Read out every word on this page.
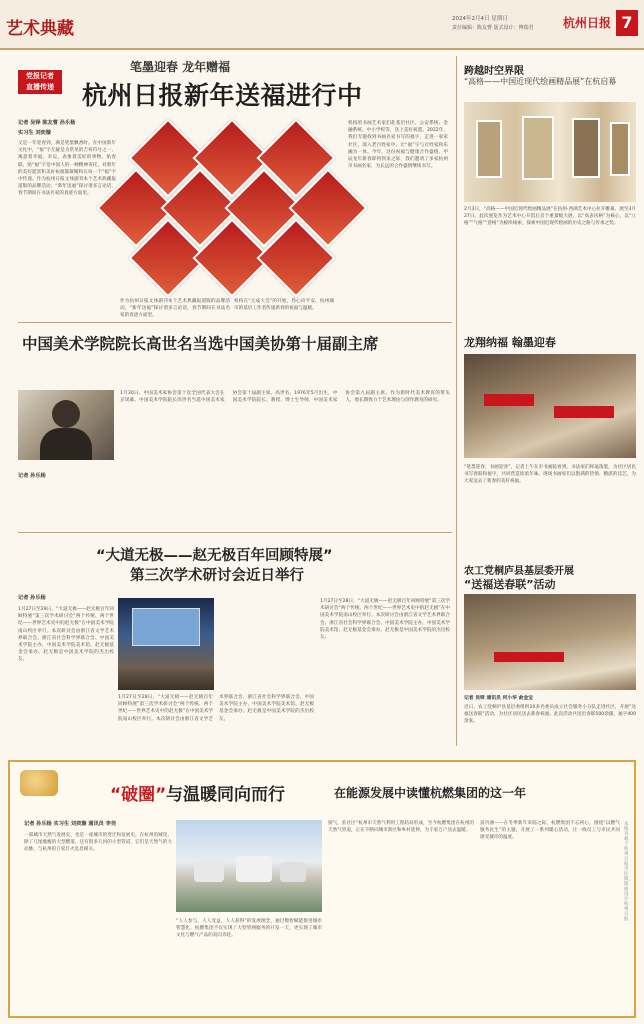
艺术典藏	2024年2月4日 星期日
责任编辑：陈友曹 版式设计：傅瑞君 杭州日报 7
党报记者
直播传递
笔墨迎春 龙年赠福
杭州日报新年送福进行中
记者 吴铎 陈友曹 孙乐杨
实习生 刘奕璇
又是一年迎春到，满是笔墨飘香时。在中国新年文化中，“福”字无疑是为常见的吉祥符号之一，寓意着幸福、幸运，表象着美好的事物。贴春联、贴“福”字是中国人的一种精神寄托，对新年的美好愿景和美好祝福都凝聚和在每一个“福”字中传递。作为杭州日报文体副刊本个艺术典藏报道版的品牌活动，“新年送福”探讨诸多言论话，春节期间在书法名家的真迹方面里。
机构的书画艺术家们赴基层社区、公安系统、金融系统、中小学校等，送上美好祝愿。2022年，我们专题找到书画名家书写的福字，走进一家家社区，深入老百姓家中，让“福”字与百姓家和乐融为一体。今年，这份祝福与健康合作盛情，甲辰龙年新春即将到来之际，我们邀请了多家杭州市书画名家，为长远的合作盛情继续书写。
作为杭州日报文体副刊本个艺术典藏报道版的品牌活动，“新年送福”探讨诸多言论话，春节期间在书法名家的真迹方面里。
机构在“元成大会”的开始，热心向平安、杭州城市的基层工作者传递新春的祝福与温暖。
跨越时空界限
“高格——中国近现代绘画精品展”在杭启幕
2月3日，“高格——中国近现代绘画精品展”在杭州·西湖艺术中心拉开帷幕，展至3月27日。此次展览作为艺术中心开馆后首个重量级大展，以“高表风格”为核心，以“立格”“气格”“意格”为板块线索，探索中国近现代绘画的历史之路与传承之势。
龙翔纳福 翰墨迎春
“笔墨迎春，书画迎喜”，记者上午在市书画院看到，书法家们挥毫泼墨，为社区居民书写春联和福字，共同营造浓浓年味。现场书画家们以饱满的热情、精湛的技艺，为大家送去了新春的美好祝福。
农工党桐庐县基层委开展
“送福送春联”活动
记者 吴铎 通讯员 何小华 俞金宝
近日，农工党桐庐县基层委组织10多名委员成立社会服务小分队走进社区，开展“送福送春联”活动，为社区居民送去新春祝福。此次活动共送出春联500余副，福字400余张。
中国美术学院院长高世名当选中国美协第十届副主席
记者 孙乐杨
1月30日，中国美术家协会第十次全国代表大会在京闭幕。中国美术学院院长高世名当选中国美术家协会第十届副主席。高世名，1976年5月出生，中国美术学院院长、教授、博士生导师，中国美术家协会第九届副主席。作为新时代美术教育的带头人，他长期致力于艺术理论与创作教育的研究。
“大道无极——赵无极百年回顾特展”
第三次学术研讨会近日举行
记者 孙乐杨
1月27日至28日，“大道无极——赵无极百年回顾特展”第三次学术研讨会“两个传统、两个世纪——世界艺术史中的赵无极”在中国美术学院南山校区举行。本次研讨会由浙江省文学艺术界联合会、浙江省社会科学界联合会、中国美术学院主办，中国美术学院美术馆、赵无极基金会承办。赵无极是中国美术学院的杰出校友。
1月27日至28日，“大道无极——赵无极百年回顾特展”第三次学术研讨会“两个传统、两个世纪——世界艺术史中的赵无极”在中国美术学院南山校区举行。本次研讨会由浙江省文学艺术界联合会、浙江省社会科学界联合会、中国美术学院主办，中国美术学院美术馆、赵无极基金会承办。赵无极是中国美术学院的杰出校友。
1月27日至28日，“大道无极——赵无极百年回顾特展”第三次学术研讨会“两个传统、两个世纪——世界艺术史中的赵无极”在中国美术学院南山校区举行。本次研讨会由浙江省文学艺术界联合会、浙江省社会科学界联合会、中国美术学院主办，中国美术学院美术馆、赵无极基金会承办。赵无极是中国美术学院的杰出校友。
“破圈” 与温暖同向而行	在能源发展中读懂杭燃集团的这一年
记者 孙乐杨 实习生 刘奕璇 通讯员 李尧
一部城市天然气发展史，也是一座城市的变迁和发展史。在杭州的城里，除了几尾瘦瘦的大型燃道，还有很多几何的小型管道，它们是天然气的大动脉，与杭州的万家灯火息息相关。
“人人参与，人人受益，人人获得”的发展理念，通过数智赋能推进城市智慧化，杭燃集团不仅实现了大型管网服务的开发一天，更实现了城市文化与燃气产品的双向奔赴。
接气，驻社区“杭州市天然气利用工程结局形成，至今杭燃集团在杭州的天然气管道，正在不断向城市新区和乡村延伸，为千家万户送去温暖。
富内涵——在冬季新年来临之际，杭燃集团不忘初心，围绕“以燃气服务民生”的主题，开展了一系列暖心活动，让一线员工与市民共同感受城市的温度。
本版刊载于杭州日报市民版，版面设计杭州日报
